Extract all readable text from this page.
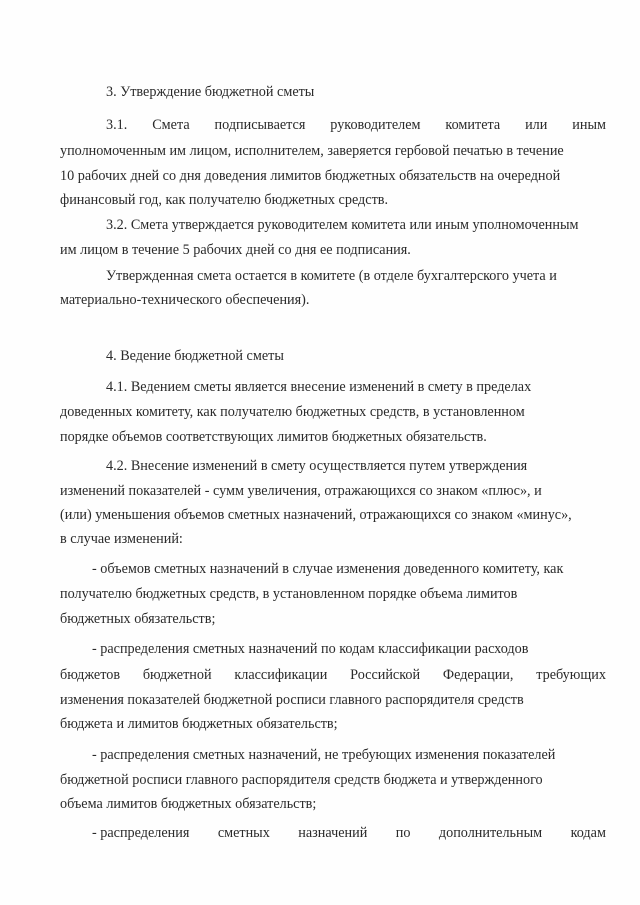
3. Утверждение бюджетной сметы
3.1. Смета подписывается руководителем комитета или иным
уполномоченным им лицом, исполнителем, заверяется гербовой печатью в течение
10 рабочих дней со дня доведения лимитов бюджетных обязательств на очередной
финансовый год, как получателю бюджетных средств.
3.2. Смета утверждается руководителем комитета или иным уполномоченным
им лицом в течение 5 рабочих дней со дня ее подписания.
Утвержденная смета остается в комитете (в отделе бухгалтерского учета и
материально-технического обеспечения).
4. Ведение бюджетной сметы
4.1. Ведением сметы является внесение изменений в смету в пределах
доведенных комитету, как получателю бюджетных средств, в установленном
порядке объемов соответствующих лимитов бюджетных обязательств.
4.2. Внесение изменений в смету осуществляется путем утверждения
изменений показателей - сумм увеличения, отражающихся со знаком «плюс», и
(или) уменьшения объемов сметных назначений, отражающихся со знаком «минус»,
в случае изменений:
- объемов сметных назначений в случае изменения доведенного комитету, как
получателю бюджетных средств, в установленном порядке объема лимитов
бюджетных обязательств;
- распределения сметных назначений по кодам классификации расходов
бюджетов бюджетной классификации Российской Федерации, требующих
изменения показателей бюджетной росписи главного распорядителя средств
бюджета и лимитов бюджетных обязательств;
- распределения сметных назначений, не требующих изменения показателей
бюджетной росписи главного распорядителя средств бюджета и утвержденного
объема лимитов бюджетных обязательств;
- распределения сметных назначений по дополнительным кодам
